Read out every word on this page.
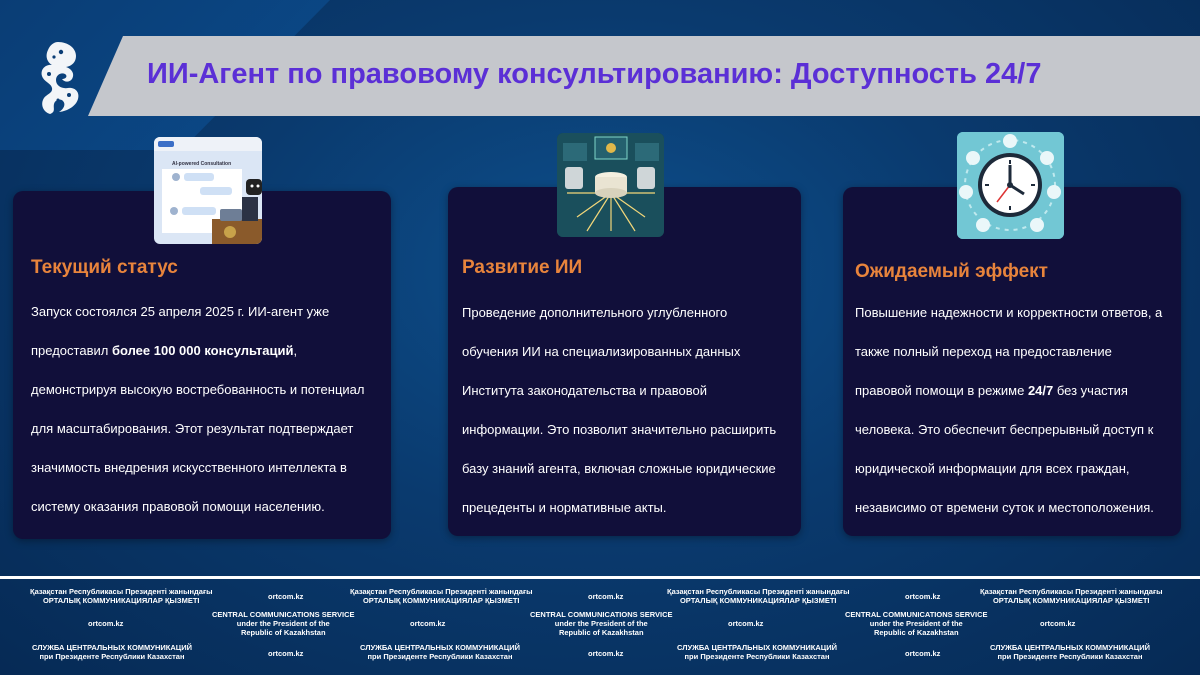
ИИ-Агент по правовому консультированию: Доступность 24/7
Текущий статус

Запуск состоялся 25 апреля 2025 г. ИИ-агент уже
предоставил более 100 000 консультаций,
демонстрируя высокую востребованность и потенциал
для масштабирования. Этот результат подтверждает
значимость внедрения искусственного интеллекта в
систему оказания правовой помощи населению.

AI-powered Consultation
Развитие ИИ

Проведение дополнительного углубленного
обучения ИИ на специализированных данных
Института законодательства и правовой
информации. Это позволит значительно расширить
базу знаний агента, включая сложные юридические
прецеденты и нормативные акты.

Ожидаемый эффект

Повышение надежности и корректности ответов, а
также полный переход на предоставление
правовой помощи в режиме 24/7 без участия
человека. Это обеспечит беспрерывный доступ к
юридической информации для всех граждан,
независимо от времени суток и местоположения.

Қазақстан Республикасы Президенті жанындағы
ОРТАЛЫҚ КОММУНИКАЦИЯЛАР ҚЫЗМЕТІ	ortcom.kz
Қазақстан Республикасы Президенті жанындағы
ОРТАЛЫҚ КОММУНИКАЦИЯЛАР ҚЫЗМЕТІ	ortcom.kz
Қазақстан Республикасы Президенті жанындағы
ОРТАЛЫҚ КОММУНИКАЦИЯЛАР ҚЫЗМЕТІ	ortcom.kz
Қазақстан Республикасы Президенті жанындағы
ОРТАЛЫҚ КОММУНИКАЦИЯЛАР ҚЫЗМЕТІ
ortcom.kz
CENTRAL COMMUNICATIONS SERVICE
under the President of the
Republic of Kazakhstan
ortcom.kz
CENTRAL COMMUNICATIONS SERVICE
under the President of the
Republic of Kazakhstan
ortcom.kz
CENTRAL COMMUNICATIONS SERVICE
under the President of the
Republic of Kazakhstan
ortcom.kz
СЛУЖБА ЦЕНТРАЛЬНЫХ КОММУНИКАЦИЙ
при Президенте Республики Казахстан	ortcom.kz
СЛУЖБА ЦЕНТРАЛЬНЫХ КОММУНИКАЦИЙ
при Президенте Республики Казахстан	ortcom.kz
СЛУЖБА ЦЕНТРАЛЬНЫХ КОММУНИКАЦИЙ
при Президенте Республики Казахстан	ortcom.kz
СЛУЖБА ЦЕНТРАЛЬНЫХ КОММУНИКАЦИЙ
при Президенте Республики Казахстан
